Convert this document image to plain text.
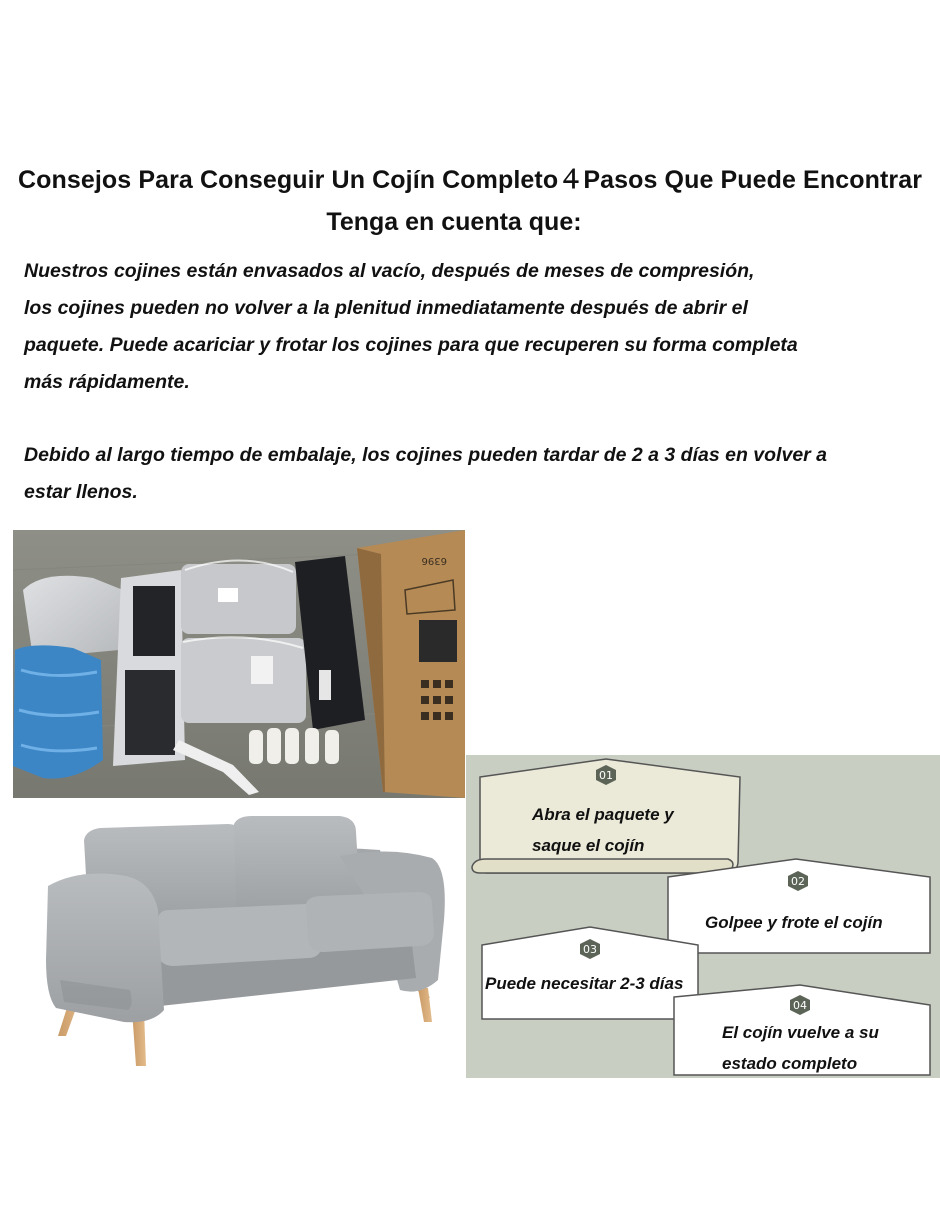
Consejos Para Conseguir Un Cojín Completo４Pasos Que Puede Encontrar
Tenga en cuenta que:

Nuestros cojines están envasados al vacío, después de meses de compresión,
los cojines pueden no volver a la plenitud inmediatamente después de abrir el
paquete. Puede acariciar y frotar los cojines para que recuperen su forma completa
más rápidamente.

Debido al largo tiempo de embalaje, los cojines pueden tardar de 2 a 3 días en volver a
estar llenos.

6396
01
02
03
04
Abra el paquete y
saque el cojín
Golpee y frote el cojín
Puede necesitar 2-3 días
El cojín vuelve a su
estado completo
